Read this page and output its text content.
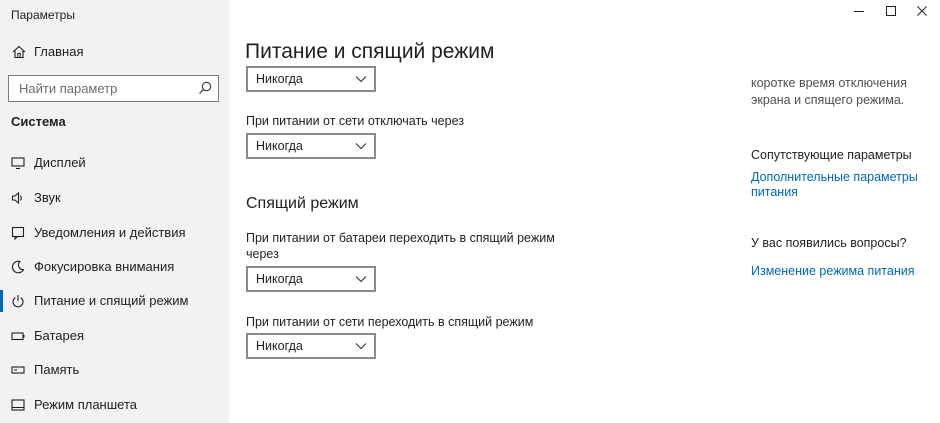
Параметры
Главная
Найти параметр
Система
Дисплей
Звук
Уведомления и действия
Фокусировка внимания
Питание и спящий режим
Батарея
Память
Режим планшета
Питание и спящий режим
Никогда
При питании от сети отключать через
Никогда
Спящий режим
При питании от батареи переходить в спящий режим через
Никогда
При питании от сети переходить в спящий режим
Никогда
коротке время отключения экрана и спящего режима.
Сопутствующие параметры
Дополнительные параметры питания
У вас появились вопросы?
Изменение режима питания
